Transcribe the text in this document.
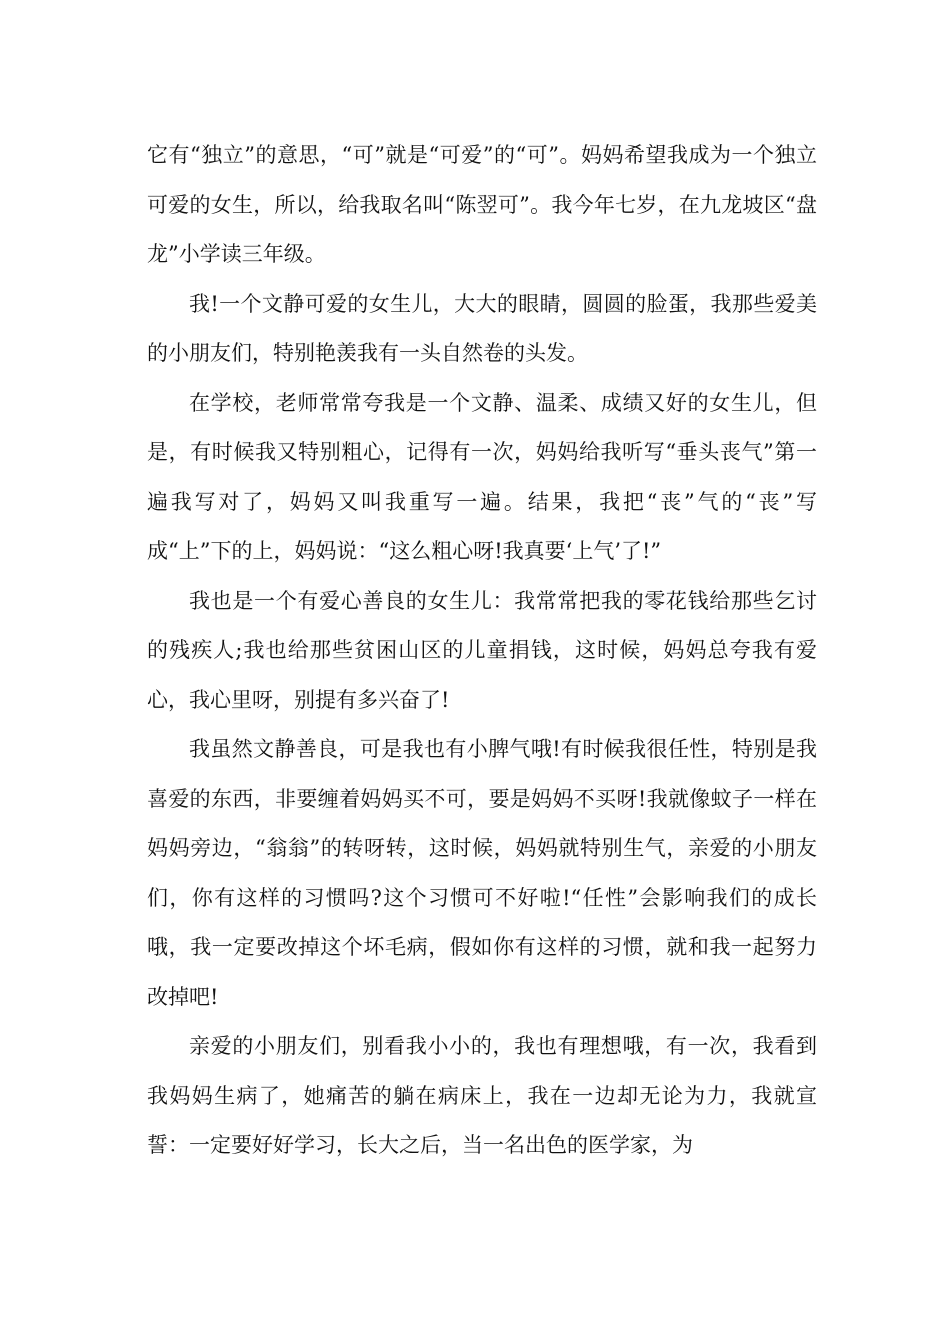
它有“独立”的意思，“可”就是“可爱”的“可”。妈妈希望我成为一个独立可爱的女生，所以，给我取名叫“陈翌可”。我今年七岁，在九龙坡区“盘龙”小学读三年级。

我!一个文静可爱的女生儿，大大的眼睛，圆圆的脸蛋，我那些爱美的小朋友们，特别艳羡我有一头自然卷的头发。

在学校，老师常常夸我是一个文静、温柔、成绩又好的女生儿，但是，有时候我又特别粗心，记得有一次，妈妈给我听写“垂头丧气”第一遍我写对了，妈妈又叫我重写一遍。结果，我把“丧”气的“丧”写成“上”下的上，妈妈说：“这么粗心呀!我真要‘上气’了!”

我也是一个有爱心善良的女生儿：我常常把我的零花钱给那些乞讨的残疾人;我也给那些贫困山区的儿童捐钱，这时候，妈妈总夸我有爱心，我心里呀，别提有多兴奋了!

我虽然文静善良，可是我也有小脾气哦!有时候我很任性，特别是我喜爱的东西，非要缠着妈妈买不可，要是妈妈不买呀!我就像蚊子一样在妈妈旁边，“翁翁”的转呀转，这时候，妈妈就特别生气，亲爱的小朋友们，你有这样的习惯吗?这个习惯可不好啦!“任性”会影响我们的成长哦，我一定要改掉这个坏毛病，假如你有这样的习惯，就和我一起努力改掉吧!

亲爱的小朋友们，别看我小小的，我也有理想哦，有一次，我看到我妈妈生病了，她痛苦的躺在病床上，我在一边却无论为力，我就宣誓：一定要好好学习，长大之后，当一名出色的医学家，为
